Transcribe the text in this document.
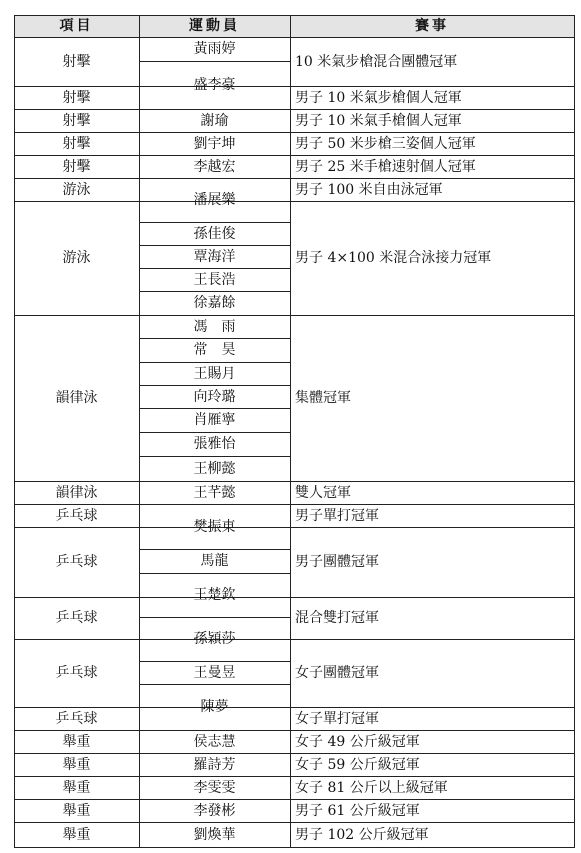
項目	運動員	賽事
射擊
射擊
射擊
射擊
射擊
游泳
游泳
韻律泳
韻律泳
乒乓球
乒乓球
乒乓球
乒乓球
乒乓球
舉重
舉重
舉重
舉重
舉重
黃雨婷
盛李豪
謝瑜
劉宇坤
李越宏
潘展樂
孫佳俊
覃海洋
王長浩
徐嘉餘
馮　雨
常　昊
王賜月
向玲璐
肖雁寧
張雅怡
王柳懿
王芊懿
樊振東
馬龍
王楚欽
孫穎莎
王曼昱
陳夢
侯志慧
羅詩芳
李雯雯
李發彬
劉煥華
10 米氣步槍混合團體冠軍
男子 10 米氣步槍個人冠軍
男子 10 米氣手槍個人冠軍
男子 50 米步槍三姿個人冠軍
男子 25 米手槍速射個人冠軍
男子 100 米自由泳冠軍
男子 4×100 米混合泳接力冠軍
集體冠軍
雙人冠軍
男子單打冠軍
男子團體冠軍
混合雙打冠軍
女子團體冠軍
女子單打冠軍
女子 49 公斤級冠軍
女子 59 公斤級冠軍
女子 81 公斤以上級冠軍
男子 61 公斤級冠軍
男子 102 公斤級冠軍
